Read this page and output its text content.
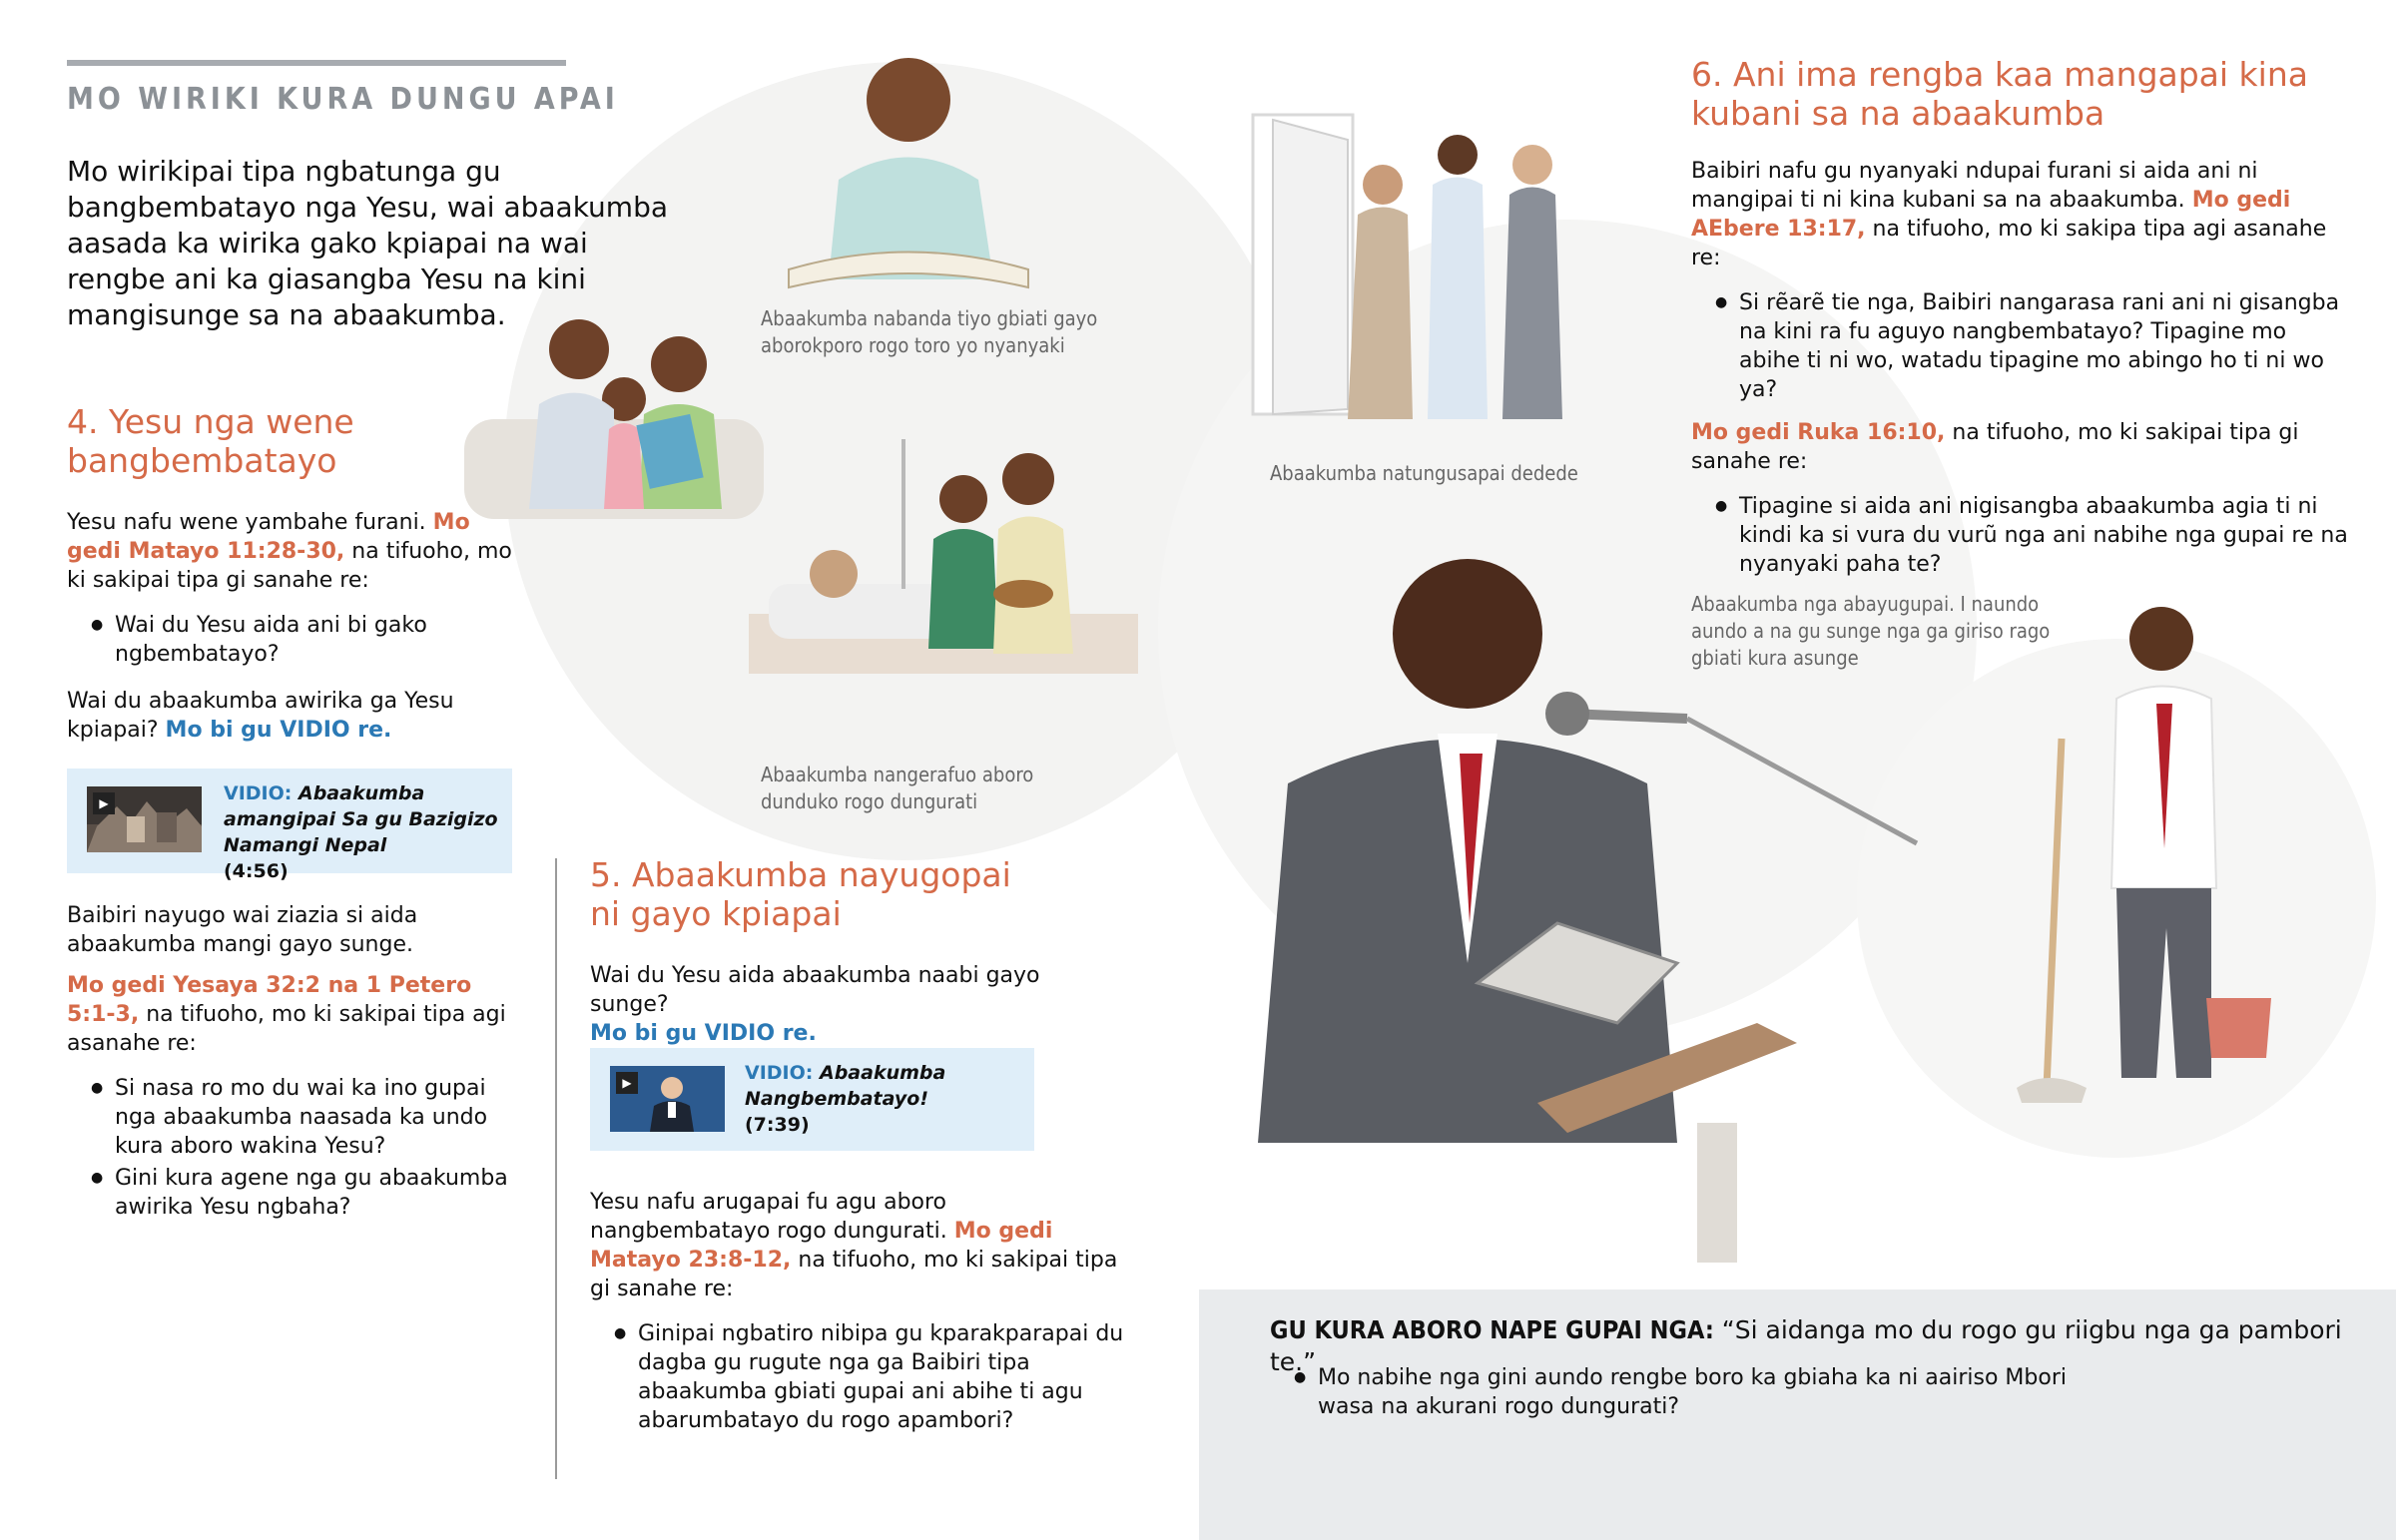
MO WIRIKI KURA DUNGU APAI

Mo wirikipai tipa ngbatunga gu bangbembatayo nga Yesu, wai abaakumba aasada ka wirika gako kpiapai na wai rengbe ani ka giasangba Yesu na kini mangisunge sa na abaakumba.

4. Yesu nga wene bangbembatayo

Yesu nafu wene yambahe furani. Mo gedi Matayo 11:28-30, na tifuoho, mo ki sakipai tipa gi sanahe re:

● Wai du Yesu aida ani bi gako ngbembatayo?

Wai du abaakumba awirika ga Yesu kpiapai? Mo bi gu VIDIO re.

▶	VIDIO: Abaakumba amangipai Sa gu Bazigizo Namangi Nepal
(4:56)

Baibiri nayugo wai ziazia si aida abaakumba mangi gayo sunge.

Mo gedi Yesaya 32:2 na 1 Petero 5:1-3, na tifuoho, mo ki sakipai tipa agi asanahe re:

● Si nasa ro mo du wai ka ino gupai nga abaakumba naasada ka undo kura aboro wakina Yesu?
● Gini kura agene nga gu abaakumba awirika Yesu ngbaha?
5. Abaakumba nayugopai ni gayo kpiapai

Wai du Yesu aida abaakumba naabi gayo sunge?
Mo bi gu VIDIO re.

▶	VIDIO: Abaakumba Nangbembatayo!
(7:39)

Yesu nafu arugapai fu agu aboro nangbembatayo rogo dungurati. Mo gedi Matayo 23:8-12, na tifuoho, mo ki sakipai tipa gi sanahe re:

● Ginipai ngbatiro nibipa gu kparakparapai du dagba gu rugute nga ga Baibiri tipa abaakumba gbiati gupai ani abihe ti agu abarumbatayo du rogo apambori?
6. Ani ima rengba kaa mangapai kina kubani sa na abaakumba

Baibiri nafu gu nyanyaki ndupai furani si aida ani ni mangipai ti ni kina kubani sa na abaakumba. Mo gedi AEbere 13:17, na tifuoho, mo ki sakipa tipa agi asanahe re:

● Si rẽarẽ tie nga, Baibiri nangarasa rani ani ni gisangba na kini ra fu aguyo nangbembatayo? Tipagine mo abihe ti ni wo, watadu tipagine mo abingo ho ti ni wo ya?

Mo gedi Ruka 16:10, na tifuoho, mo ki sakipai tipa gi sanahe re:

● Tipagine si aida ani nigisangba abaakumba agia ti ni kindi ka si vura du vurũ nga ani nabihe nga gupai re na nyanyaki paha te?
Abaakumba nabanda tiyo gbiati gayo aborokporo rogo toro yo nyanyaki
Abaakumba nangerafuo aboro dunduko rogo dungurati
Abaakumba natungusapai dedede
Abaakumba nga abayugupai. I naundo aundo a na gu sunge nga ga giriso rago gbiati kura asunge

GU KURA ABORO NAPE GUPAI NGA: “Si aidanga mo du rogo gu riigbu nga ga pambori te.”

● Mo nabihe nga gini aundo rengbe boro ka gbiaha ka ni aairiso Mbori wasa na akurani rogo dungurati?
